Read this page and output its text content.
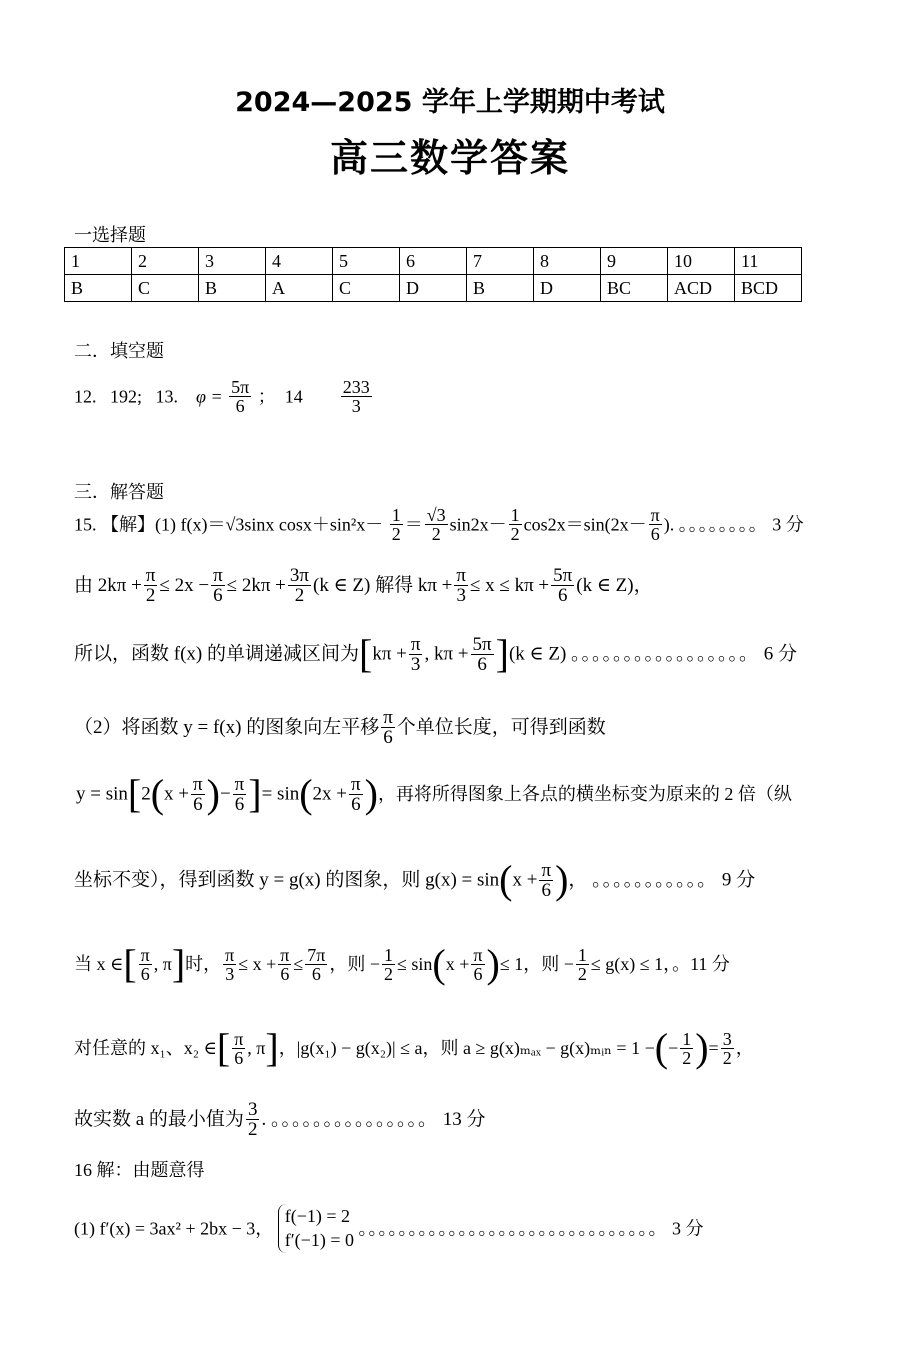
2024—2025 学年上学期期中考试
高三数学答案
一选择题
1	2	3	4	5	6	7	8	9	10	11
B	C	B	A	C	D	B	D	BC	ACD	BCD
二．填空题
12. 192; 13. $\varphi = \frac{5\pi}{6}$ ； $14 \frac{233}{3}$
三．解答题
15. 【解】(1) f(x)＝√3sinx $\cos x+\sin^2x- \frac{1}{2} = \frac{√3}{2} \sin 2x- \frac{1}{2} \cos 2x=\sin(2x- \frac{\pi}{6}$ ). 。。。。。。。。 3 分
由 $2k\pi + \frac{\pi}{2} \le 2x - \frac{\pi}{6} \le 2k\pi + \frac{3\pi}{2} (k$ ∈ Z) 解得 $k\pi + \frac{\pi}{3} \le x \le k\pi + \frac{5\pi}{6} (k$ ∈ Z)，
所以，函数 f(x) 的单调递减区间为[$k\pi + \frac{\pi}{3}$ , $k\pi + \frac{5\pi}{6} ](k$ ∈ Z) 。。。。。。。。。。。。。。。。。 6 分
（2）将函数 y = f(x) 的图象向左平移 $\frac{\pi}{6}$ 个单位长度，可得到函数
$y = \sin[2(x + \frac{\pi}{6}$ )− $\frac{\pi}{6}$ ]= $\sin(2x + \frac{\pi}{6}$ )，再将所得图象上各点的横坐标变为原来的 2 倍（纵
坐标不变），得到函数 y = g(x) 的图象，则 $g(x) = \sin(x + \frac{\pi}{6}$ )， 。。。。。。。。。。。 9 分
当 x ∈[ $\frac{\pi}{6}$ , π]时， $\frac{\pi}{3} \le x + \frac{\pi}{6} \le \frac{7\pi}{6}$ ，则 − $\frac{1}{2} \le \sin(x + \frac{\pi}{6}$ )≤ 1，则 − $\frac{1}{2} \le g(x) \le 1$，。11 分
对任意的 x₁、x₂ ∈[ $\frac{\pi}{6}$ , π]，|g(x₁) − g(x₂)| ≤ a，则 a ≥ g(x)ₘₐₓ − g(x)ₘᵢₙ = 1 −(− $\frac{1}{2}$ )= $\frac{3}{2}$ ，
故实数 a 的最小值为 $\frac{3}{2}$ . 。。。。。。。。。。。。。。。 13 分
16 解：由题意得
(1) f′(x) = 3ax² + 2bx − 3，
f(−1) = 2
f′(−1) = 0
。。。。。。。。。。。。。。。。。。。。。。。。。。。。。。 3 分
